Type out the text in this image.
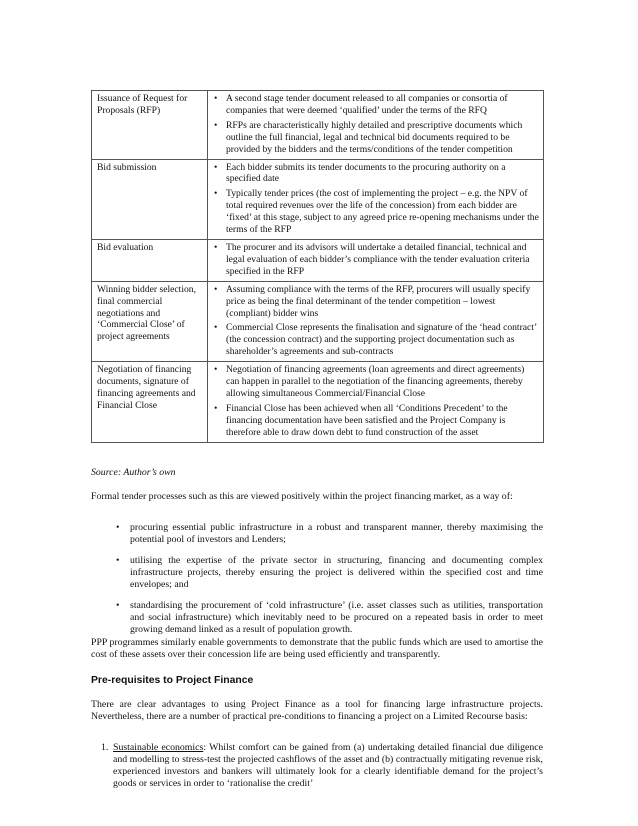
Issuance of Request for Proposals (RFP)	• A second stage tender document released to all companies or consortia of companies that were deemed ‘qualified’ under the terms of the RFQ
• RFPs are characteristically highly detailed and prescriptive documents which outline the full financial, legal and technical bid documents required to be provided by the bidders and the terms/conditions of the tender competition

Bid submission	• Each bidder submits its tender documents to the procuring authority on a specified date
• Typically tender prices (the cost of implementing the project – e.g. the NPV of total required revenues over the life of the concession) from each bidder are ‘fixed’ at this stage, subject to any agreed price re-opening mechanisms under the terms of the RFP

Bid evaluation	• The procurer and its advisors will undertake a detailed financial, technical and legal evaluation of each bidder’s compliance with the tender evaluation criteria specified in the RFP

Winning bidder selection, final commercial negotiations and ‘Commercial Close’ of project agreements	• Assuming compliance with the terms of the RFP, procurers will usually specify price as being the final determinant of the tender competition – lowest (compliant) bidder wins
• Commercial Close represents the finalisation and signature of the ‘head contract’ (the concession contract) and the supporting project documentation such as shareholder’s agreements and sub-contracts

Negotiation of financing documents, signature of financing agreements and Financial Close	• Negotiation of financing agreements (loan agreements and direct agreements) can happen in parallel to the negotiation of the financing agreements, thereby allowing simultaneous Commercial/Financial Close
• Financial Close has been achieved when all ‘Conditions Precedent’ to the financing documentation have been satisfied and the Project Company is therefore able to draw down debt to fund construction of the asset
Source: Author’s own

Formal tender processes such as this are viewed positively within the project financing market, as a way of:

• procuring essential public infrastructure in a robust and transparent manner, thereby maximising the potential pool of investors and Lenders;
• utilising the expertise of the private sector in structuring, financing and documenting complex infrastructure projects, thereby ensuring the project is delivered within the specified cost and time envelopes; and
• standardising the procurement of ‘cold infrastructure’ (i.e. asset classes such as utilities, transportation and social infrastructure) which inevitably need to be procured on a repeated basis in order to meet growing demand linked as a result of population growth.

PPP programmes similarly enable governments to demonstrate that the public funds which are used to amortise the cost of these assets over their concession life are being used efficiently and transparently.

Pre-requisites to Project Finance

There are clear advantages to using Project Finance as a tool for financing large infrastructure projects. Nevertheless, there are a number of practical pre-conditions to financing a project on a Limited Recourse basis:

1. Sustainable economics: Whilst comfort can be gained from (a) undertaking detailed financial due diligence and modelling to stress-test the projected cashflows of the asset and (b) contractually mitigating revenue risk, experienced investors and bankers will ultimately look for a clearly identifiable demand for the project’s goods or services in order to ‘rationalise the credit’
